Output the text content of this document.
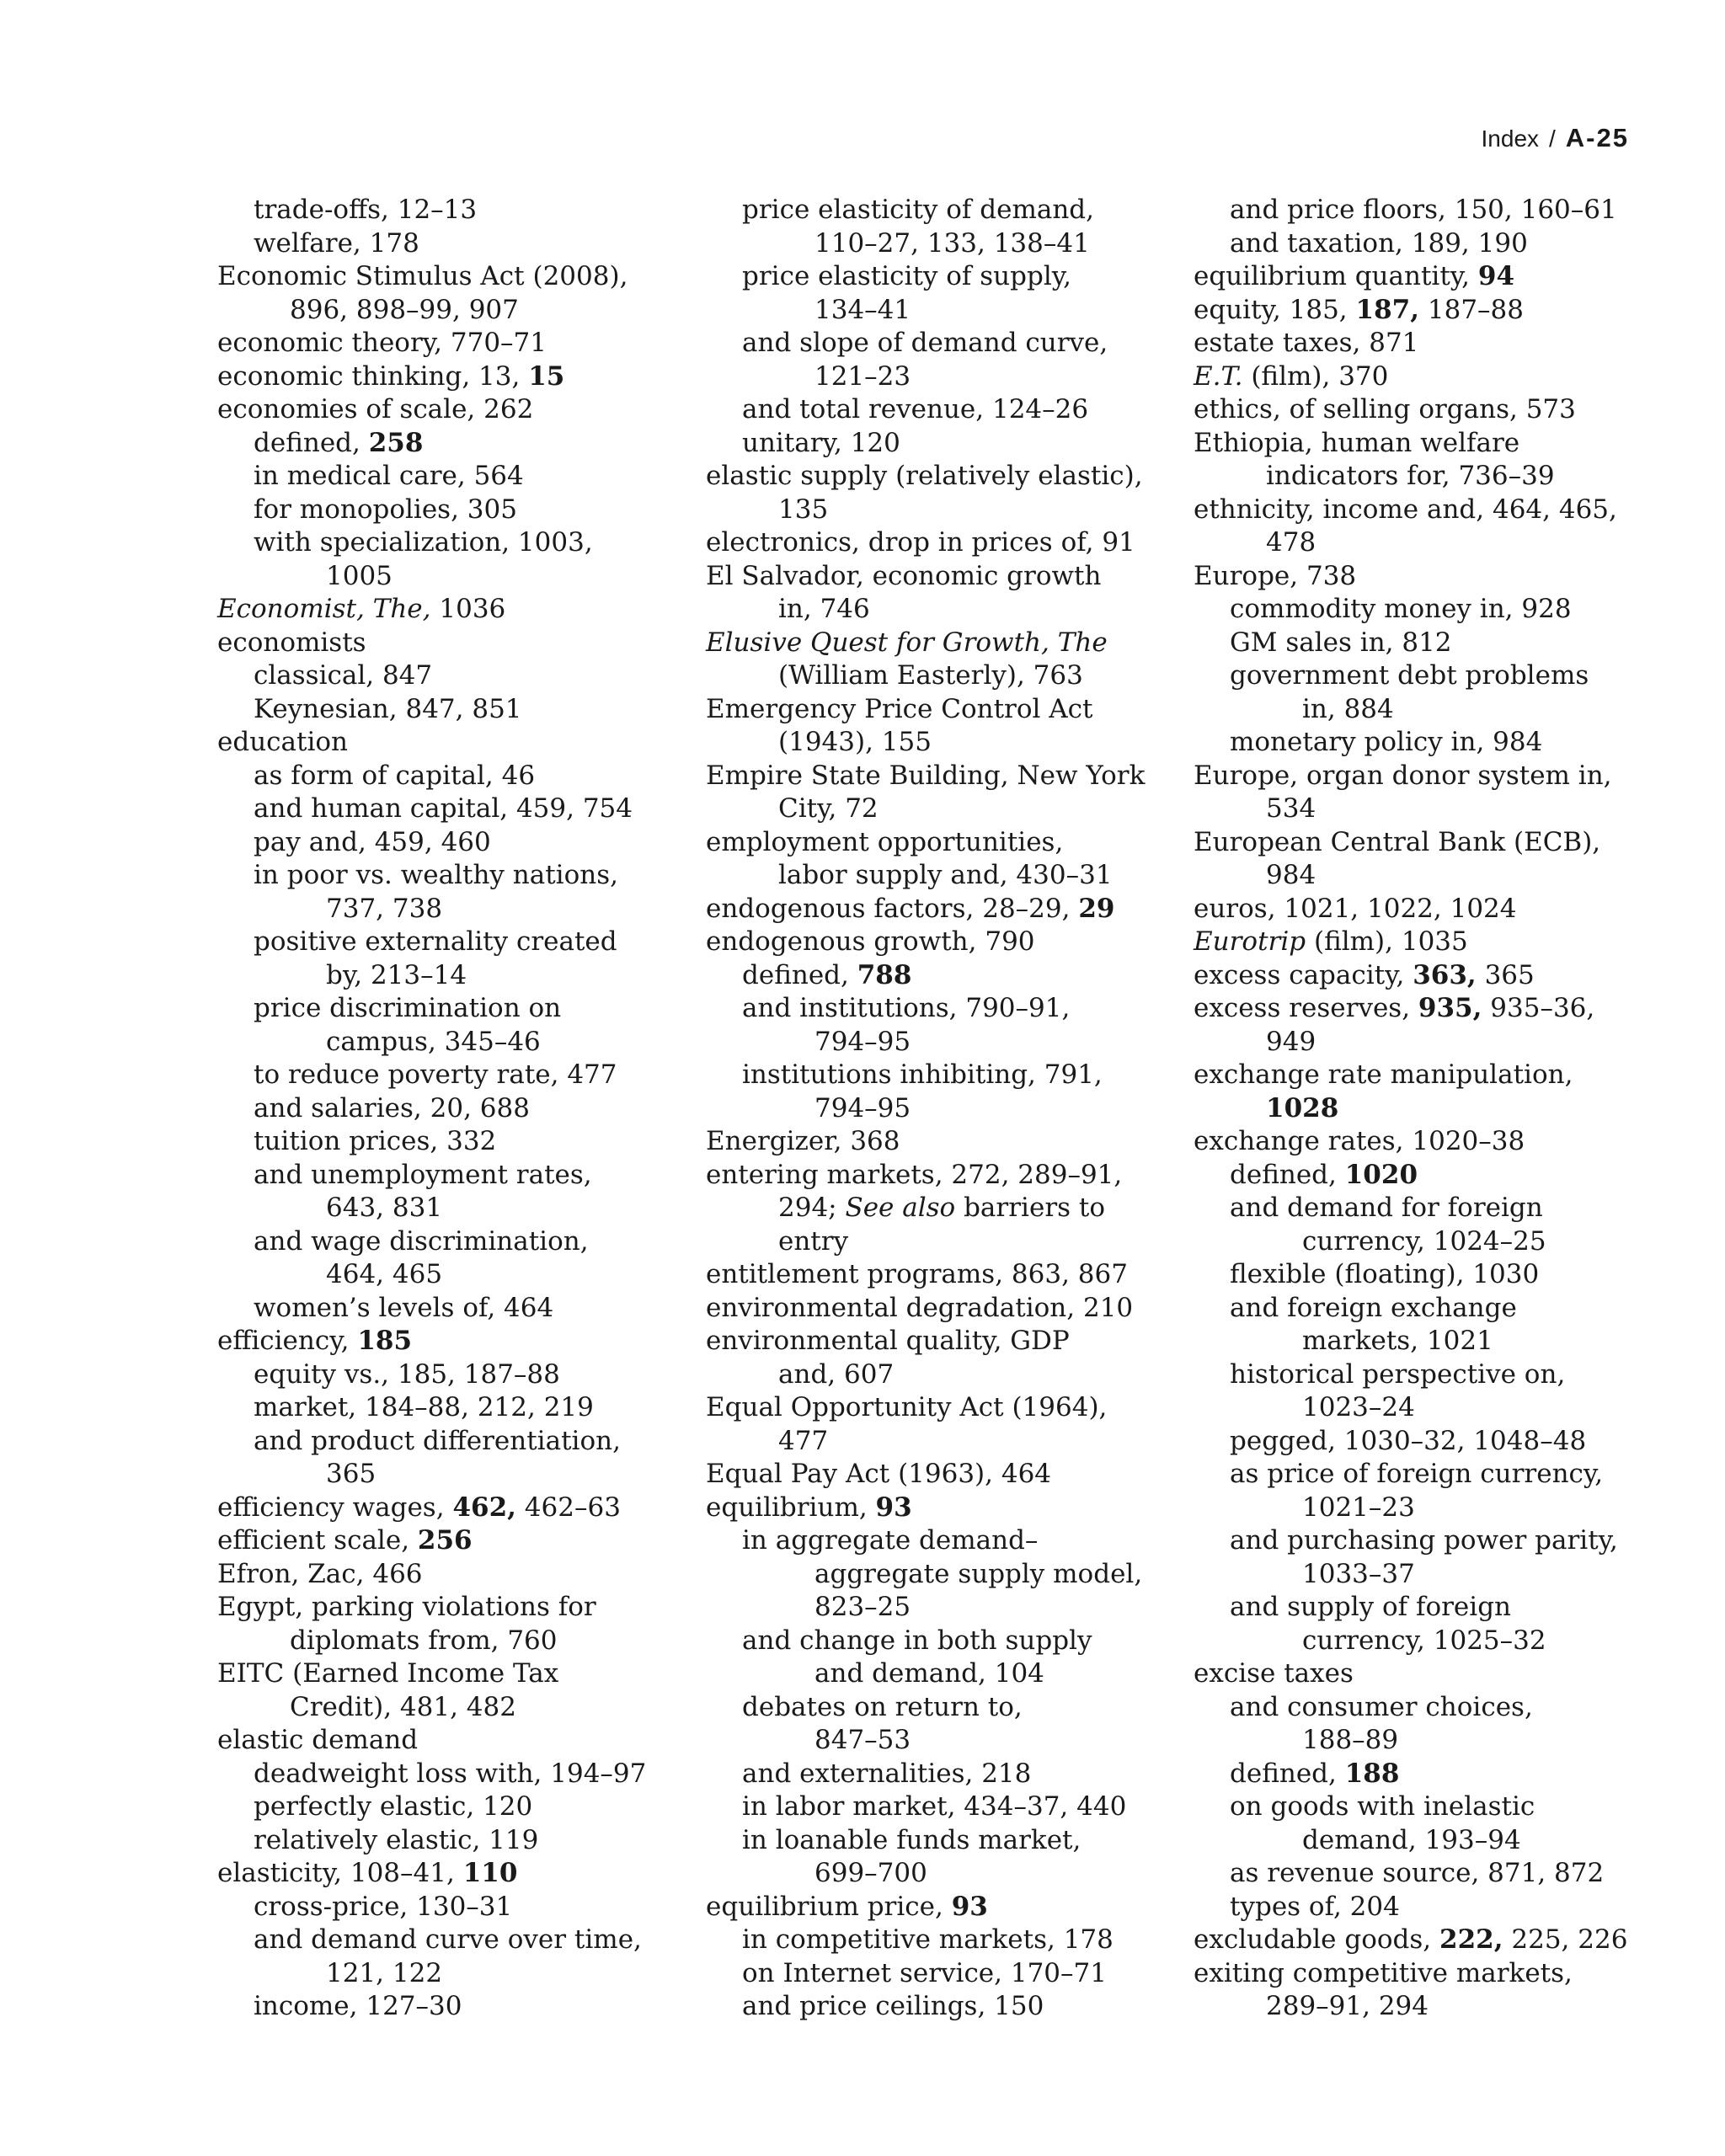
Index / A-25
trade-offs, 12–13
welfare, 178
Economic Stimulus Act (2008),
896, 898–99, 907
economic theory, 770–71
economic thinking, 13, 15
economies of scale, 262
defined, 258
in medical care, 564
for monopolies, 305
with specialization, 1003,
1005
Economist, The, 1036
economists
classical, 847
Keynesian, 847, 851
education
as form of capital, 46
and human capital, 459, 754
pay and, 459, 460
in poor vs. wealthy nations,
737, 738
positive externality created
by, 213–14
price discrimination on
campus, 345–46
to reduce poverty rate, 477
and salaries, 20, 688
tuition prices, 332
and unemployment rates,
643, 831
and wage discrimination,
464, 465
women’s levels of, 464
efficiency, 185
equity vs., 185, 187–88
market, 184–88, 212, 219
and product differentiation,
365
efficiency wages, 462, 462–63
efficient scale, 256
Efron, Zac, 466
Egypt, parking violations for
diplomats from, 760
EITC (Earned Income Tax
Credit), 481, 482
elastic demand
deadweight loss with, 194–97
perfectly elastic, 120
relatively elastic, 119
elasticity, 108–41, 110
cross-price, 130–31
and demand curve over time,
121, 122
income, 127–30
price elasticity of demand,
110–27, 133, 138–41
price elasticity of supply,
134–41
and slope of demand curve,
121–23
and total revenue, 124–26
unitary, 120
elastic supply (relatively elastic),
135
electronics, drop in prices of, 91
El Salvador, economic growth
in, 746
Elusive Quest for Growth, The
(William Easterly), 763
Emergency Price Control Act
(1943), 155
Empire State Building, New York
City, 72
employment opportunities,
labor supply and, 430–31
endogenous factors, 28–29, 29
endogenous growth, 790
defined, 788
and institutions, 790–91,
794–95
institutions inhibiting, 791,
794–95
Energizer, 368
entering markets, 272, 289–91,
294; See also barriers to
entry
entitlement programs, 863, 867
environmental degradation, 210
environmental quality, GDP
and, 607
Equal Opportunity Act (1964),
477
Equal Pay Act (1963), 464
equilibrium, 93
in aggregate demand–
aggregate supply model,
823–25
and change in both supply
and demand, 104
debates on return to,
847–53
and externalities, 218
in labor market, 434–37, 440
in loanable funds market,
699–700
equilibrium price, 93
in competitive markets, 178
on Internet service, 170–71
and price ceilings, 150
and price floors, 150, 160–61
and taxation, 189, 190
equilibrium quantity, 94
equity, 185, 187, 187–88
estate taxes, 871
E.T. (film), 370
ethics, of selling organs, 573
Ethiopia, human welfare
indicators for, 736–39
ethnicity, income and, 464, 465,
478
Europe, 738
commodity money in, 928
GM sales in, 812
government debt problems
in, 884
monetary policy in, 984
Europe, organ donor system in,
534
European Central Bank (ECB),
984
euros, 1021, 1022, 1024
Eurotrip (film), 1035
excess capacity, 363, 365
excess reserves, 935, 935–36,
949
exchange rate manipulation,
1028
exchange rates, 1020–38
defined, 1020
and demand for foreign
currency, 1024–25
flexible (floating), 1030
and foreign exchange
markets, 1021
historical perspective on,
1023–24
pegged, 1030–32, 1048–48
as price of foreign currency,
1021–23
and purchasing power parity,
1033–37
and supply of foreign
currency, 1025–32
excise taxes
and consumer choices,
188–89
defined, 188
on goods with inelastic
demand, 193–94
as revenue source, 871, 872
types of, 204
excludable goods, 222, 225, 226
exiting competitive markets,
289–91, 294
